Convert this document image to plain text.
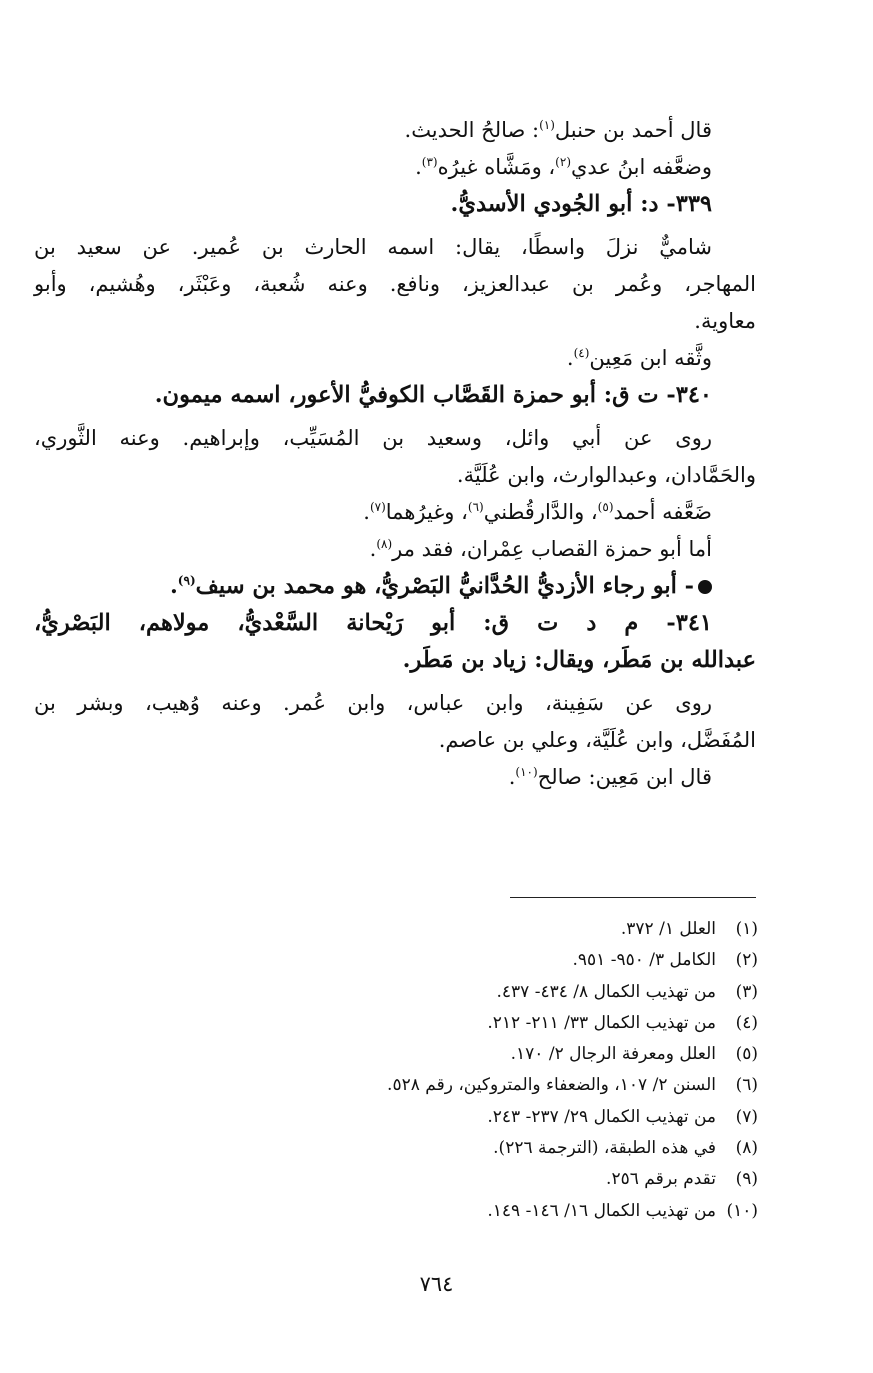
قال أحمد بن حنبل$^{(١)}$: صالحُ الحديث.
وضعَّفه ابنُ عدي$^{(٢)}$، ومَشَّاه غيرُه$^{(٣)}$.
٣٣٩- د: أبو الجُودي الأسديُّ.
شاميٌّ نزلَ واسطًا، يقال: اسمه الحارث بن عُمير. عن سعيد بن
المهاجر، وعُمر بن عبدالعزيز، ونافع. وعنه شُعبة، وعَبْثَر، وهُشيم، وأبو
معاوية.
وثَّقه ابن مَعِين$^{(٤)}$.
٣٤٠- ت ق: أبو حمزة القَصَّاب الكوفيُّ الأعور، اسمه ميمون.
روى عن أبي وائل، وسعيد بن المُسَيِّب، وإبراهيم. وعنه الثَّوري،
والحَمَّادان، وعبدالوارث، وابن عُلَيَّة.
ضَعَّفه أحمد$^{(٥)}$، والدَّارقُطني$^{(٦)}$، وغيرُهما$^{(٧)}$.
أما أبو حمزة القصاب عِمْران، فقد مر$^{(٨)}$.
- أبو رجاء الأزديُّ الحُدَّانيُّ البَصْريُّ، هو محمد بن سيف$^{(٩)}$.
٣٤١- م د ت ق: أبو رَيْحانة السَّعْديُّ، مولاهم، البَصْريُّ،
عبدالله بن مَطَر، ويقال: زياد بن مَطَر.
روى عن سَفِينة، وابن عباس، وابن عُمر. وعنه وُهيب، وبشر بن
المُفَضَّل، وابن عُلَيَّة، وعلي بن عاصم.
قال ابن مَعِين: صالح$^{(١٠)}$.
(١)العلل ١/ ٣٧٢.
(٢)الكامل ٣/ ٩٥٠- ٩٥١.
(٣)من تهذيب الكمال ٨/ ٤٣٤- ٤٣٧.
(٤)من تهذيب الكمال ٣٣/ ٢١١- ٢١٢.
(٥)العلل ومعرفة الرجال ٢/ ١٧٠.
(٦)السنن ٢/ ١٠٧، والضعفاء والمتروكين، رقم ٥٢٨.
(٧)من تهذيب الكمال ٢٩/ ٢٣٧- ٢٤٣.
(٨)في هذه الطبقة، (الترجمة ٢٢٦).
(٩)تقدم برقم ٢٥٦.
(١٠)من تهذيب الكمال ١٦/ ١٤٦- ١٤٩.
٧٦٤
